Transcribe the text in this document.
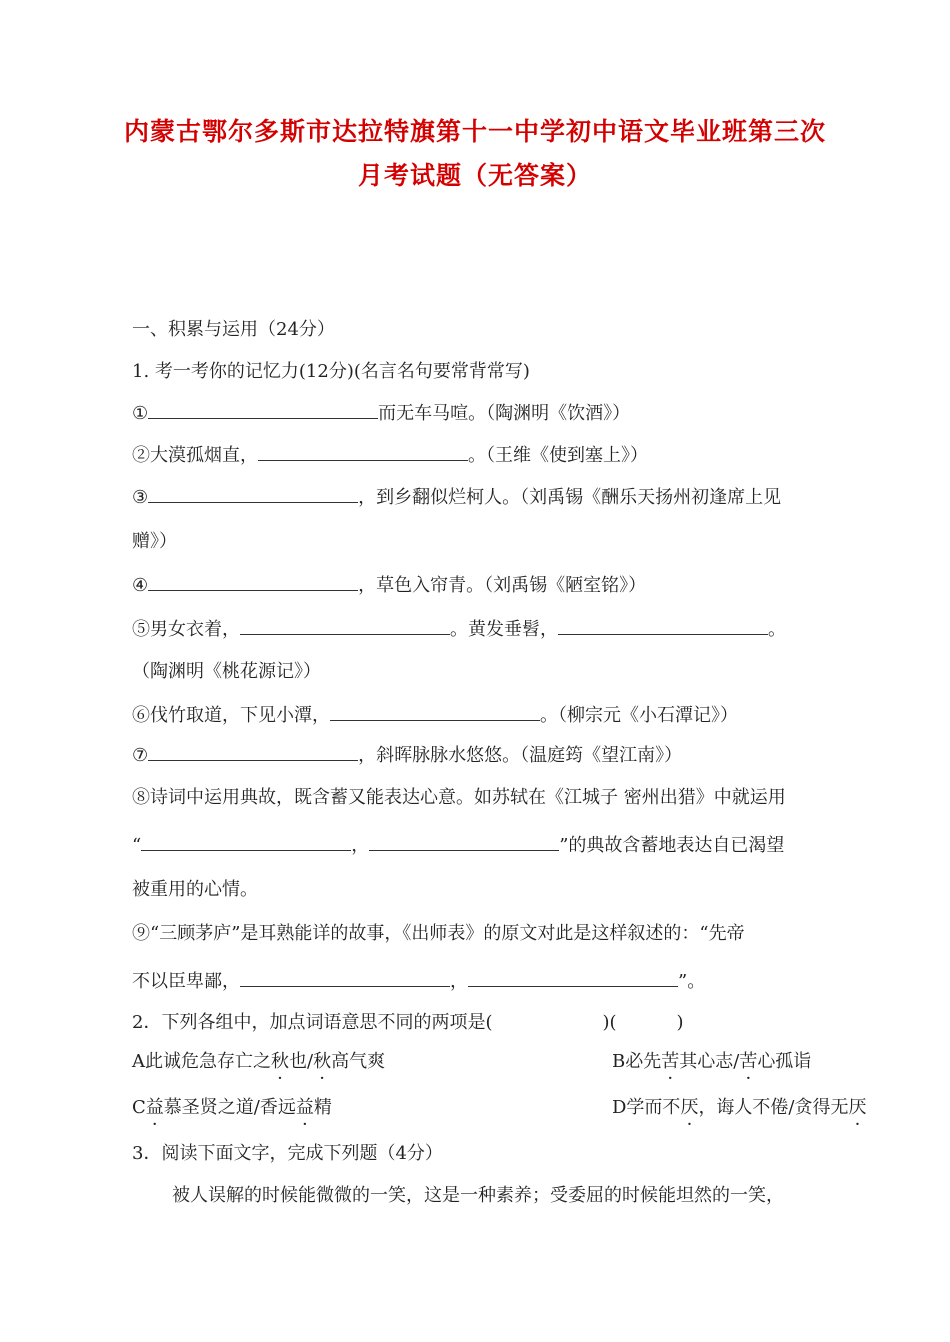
内蒙古鄂尔多斯市达拉特旗第十一中学初中语文毕业班第三次
月考试题（无答案）
一、积累与运用（24分）
1. 考一考你的记忆力(12分)(名言名句要常背常写)
①	而无车马喧。（陶渊明《饮酒》）
②大漠孤烟直，	。（王维《使到塞上》）
③	，到乡翻似烂柯人。（刘禹锡《酬乐天扬州初逢席上见
赠》）
④	，草色入帘青。（刘禹锡《陋室铭》）
⑤男女衣着，	。黄发垂髫，	。
（陶渊明《桃花源记》）
⑥伐竹取道，下见小潭，	。（柳宗元《小石潭记》）
⑦	，斜晖脉脉水悠悠。（温庭筠《望江南》）
⑧诗词中运用典故，既含蓄又能表达心意。如苏轼在《江城子 密州出猎》中就运用
“	，	”的典故含蓄地表达自已渴望
被重用的心情。
⑨“三顾茅庐”是耳熟能详的故事，《出师表》的原文对此是这样叙述的：“先帝
不以臣卑鄙，	，	”。
2．下列各组中，加点词语意思不同的两项是(	)(	)
A此诚危急存亡之秋也/秋高气爽	B必先苦其心志/苦心孤诣
C益慕圣贤之道/香远益精	D学而不厌，诲人不倦/贪得无厌
3．阅读下面文字，完成下列题（4分）
被人误解的时候能微微的一笑，这是一种素养；受委屈的时候能坦然的一笑，
